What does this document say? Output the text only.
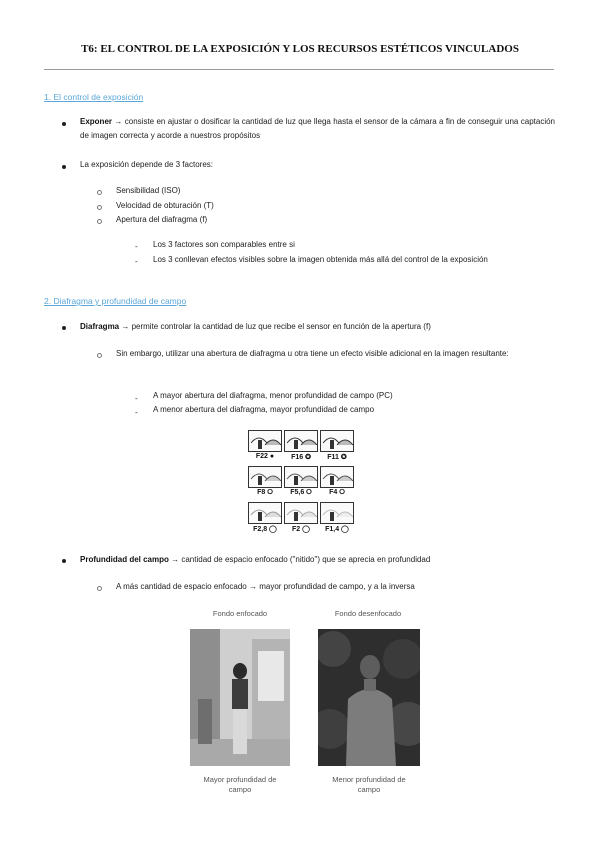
T6: EL CONTROL DE LA EXPOSICIÓN Y LOS RECURSOS ESTÉTICOS VINCULADOS
1. El control de exposición
Exponer → consiste en ajustar o dosificar la cantidad de luz que llega hasta el sensor de la cámara a fin de conseguir una captación de imagen correcta y acorde a nuestros propósitos
La exposición depende de 3 factores:
Sensibilidad (ISO)
Velocidad de obturación (T)
Apertura del diafragma (f)
- Los 3 factores son comparables entre si
- Los 3 conllevan efectos visibles sobre la imagen obtenida más allá del control de la exposición
2. Diafragma y profundidad de campo
Diafragma → permite controlar la cantidad de luz que recibe el sensor en función de la apertura (f)
Sin embargo, utilizar una abertura de diafragma u otra tiene un efecto visible adicional en la imagen resultante:
- A mayor abertura del diafragma, menor profundidad de campo (PC)
- A menor abertura del diafragma, mayor profundidad de campo
F22 ●	F16 ✪	F11 ✪
F8 ⭘	F5,6 ⭘	F4 ⭘
F2,8 ◯	F2 ◯	F1,4 ◯
Profundidad del campo → cantidad de espacio enfocado ("nitido") que se aprecia en profundidad
A más cantidad de espacio enfocado → mayor profundidad de campo, y a la inversa
Fondo enfocado	Fondo desenfocado
Mayor profundidad de
campo
Menor profundidad de
campo
